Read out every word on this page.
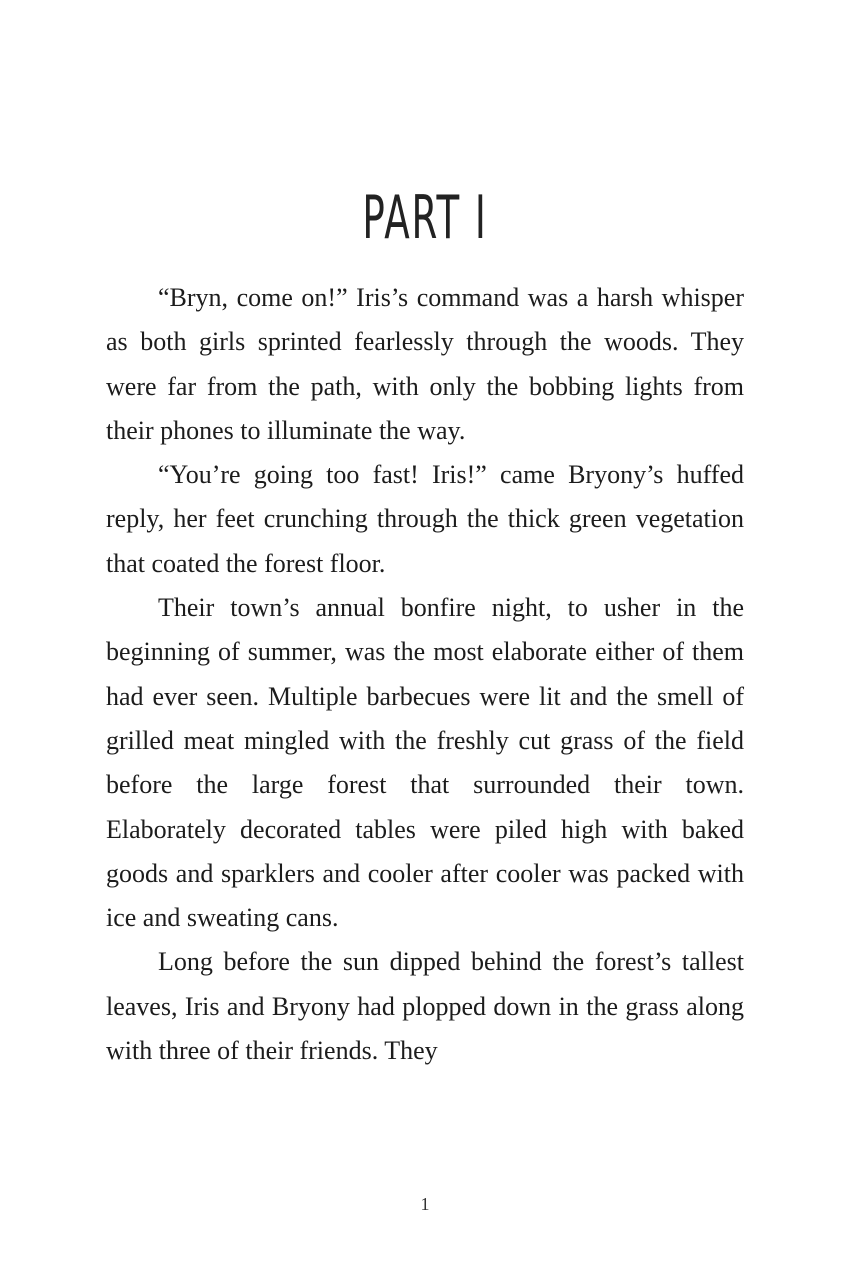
PART I

“Bryn, come on!” Iris’s command was a harsh whisper as both girls sprinted fearlessly through the woods. They were far from the path, with only the bobbing lights from their phones to illuminate the way.

“You’re going too fast! Iris!” came Bryony’s huffed reply, her feet crunching through the thick green vegetation that coated the forest floor.

Their town’s annual bonfire night, to usher in the beginning of summer, was the most elaborate either of them had ever seen. Multiple barbecues were lit and the smell of grilled meat mingled with the freshly cut grass of the field before the large forest that surrounded their town. Elaborately decorated tables were piled high with baked goods and sparklers and cooler after cooler was packed with ice and sweating cans.

Long before the sun dipped behind the forest’s tallest leaves, Iris and Bryony had plopped down in the grass along with three of their friends. They

1
